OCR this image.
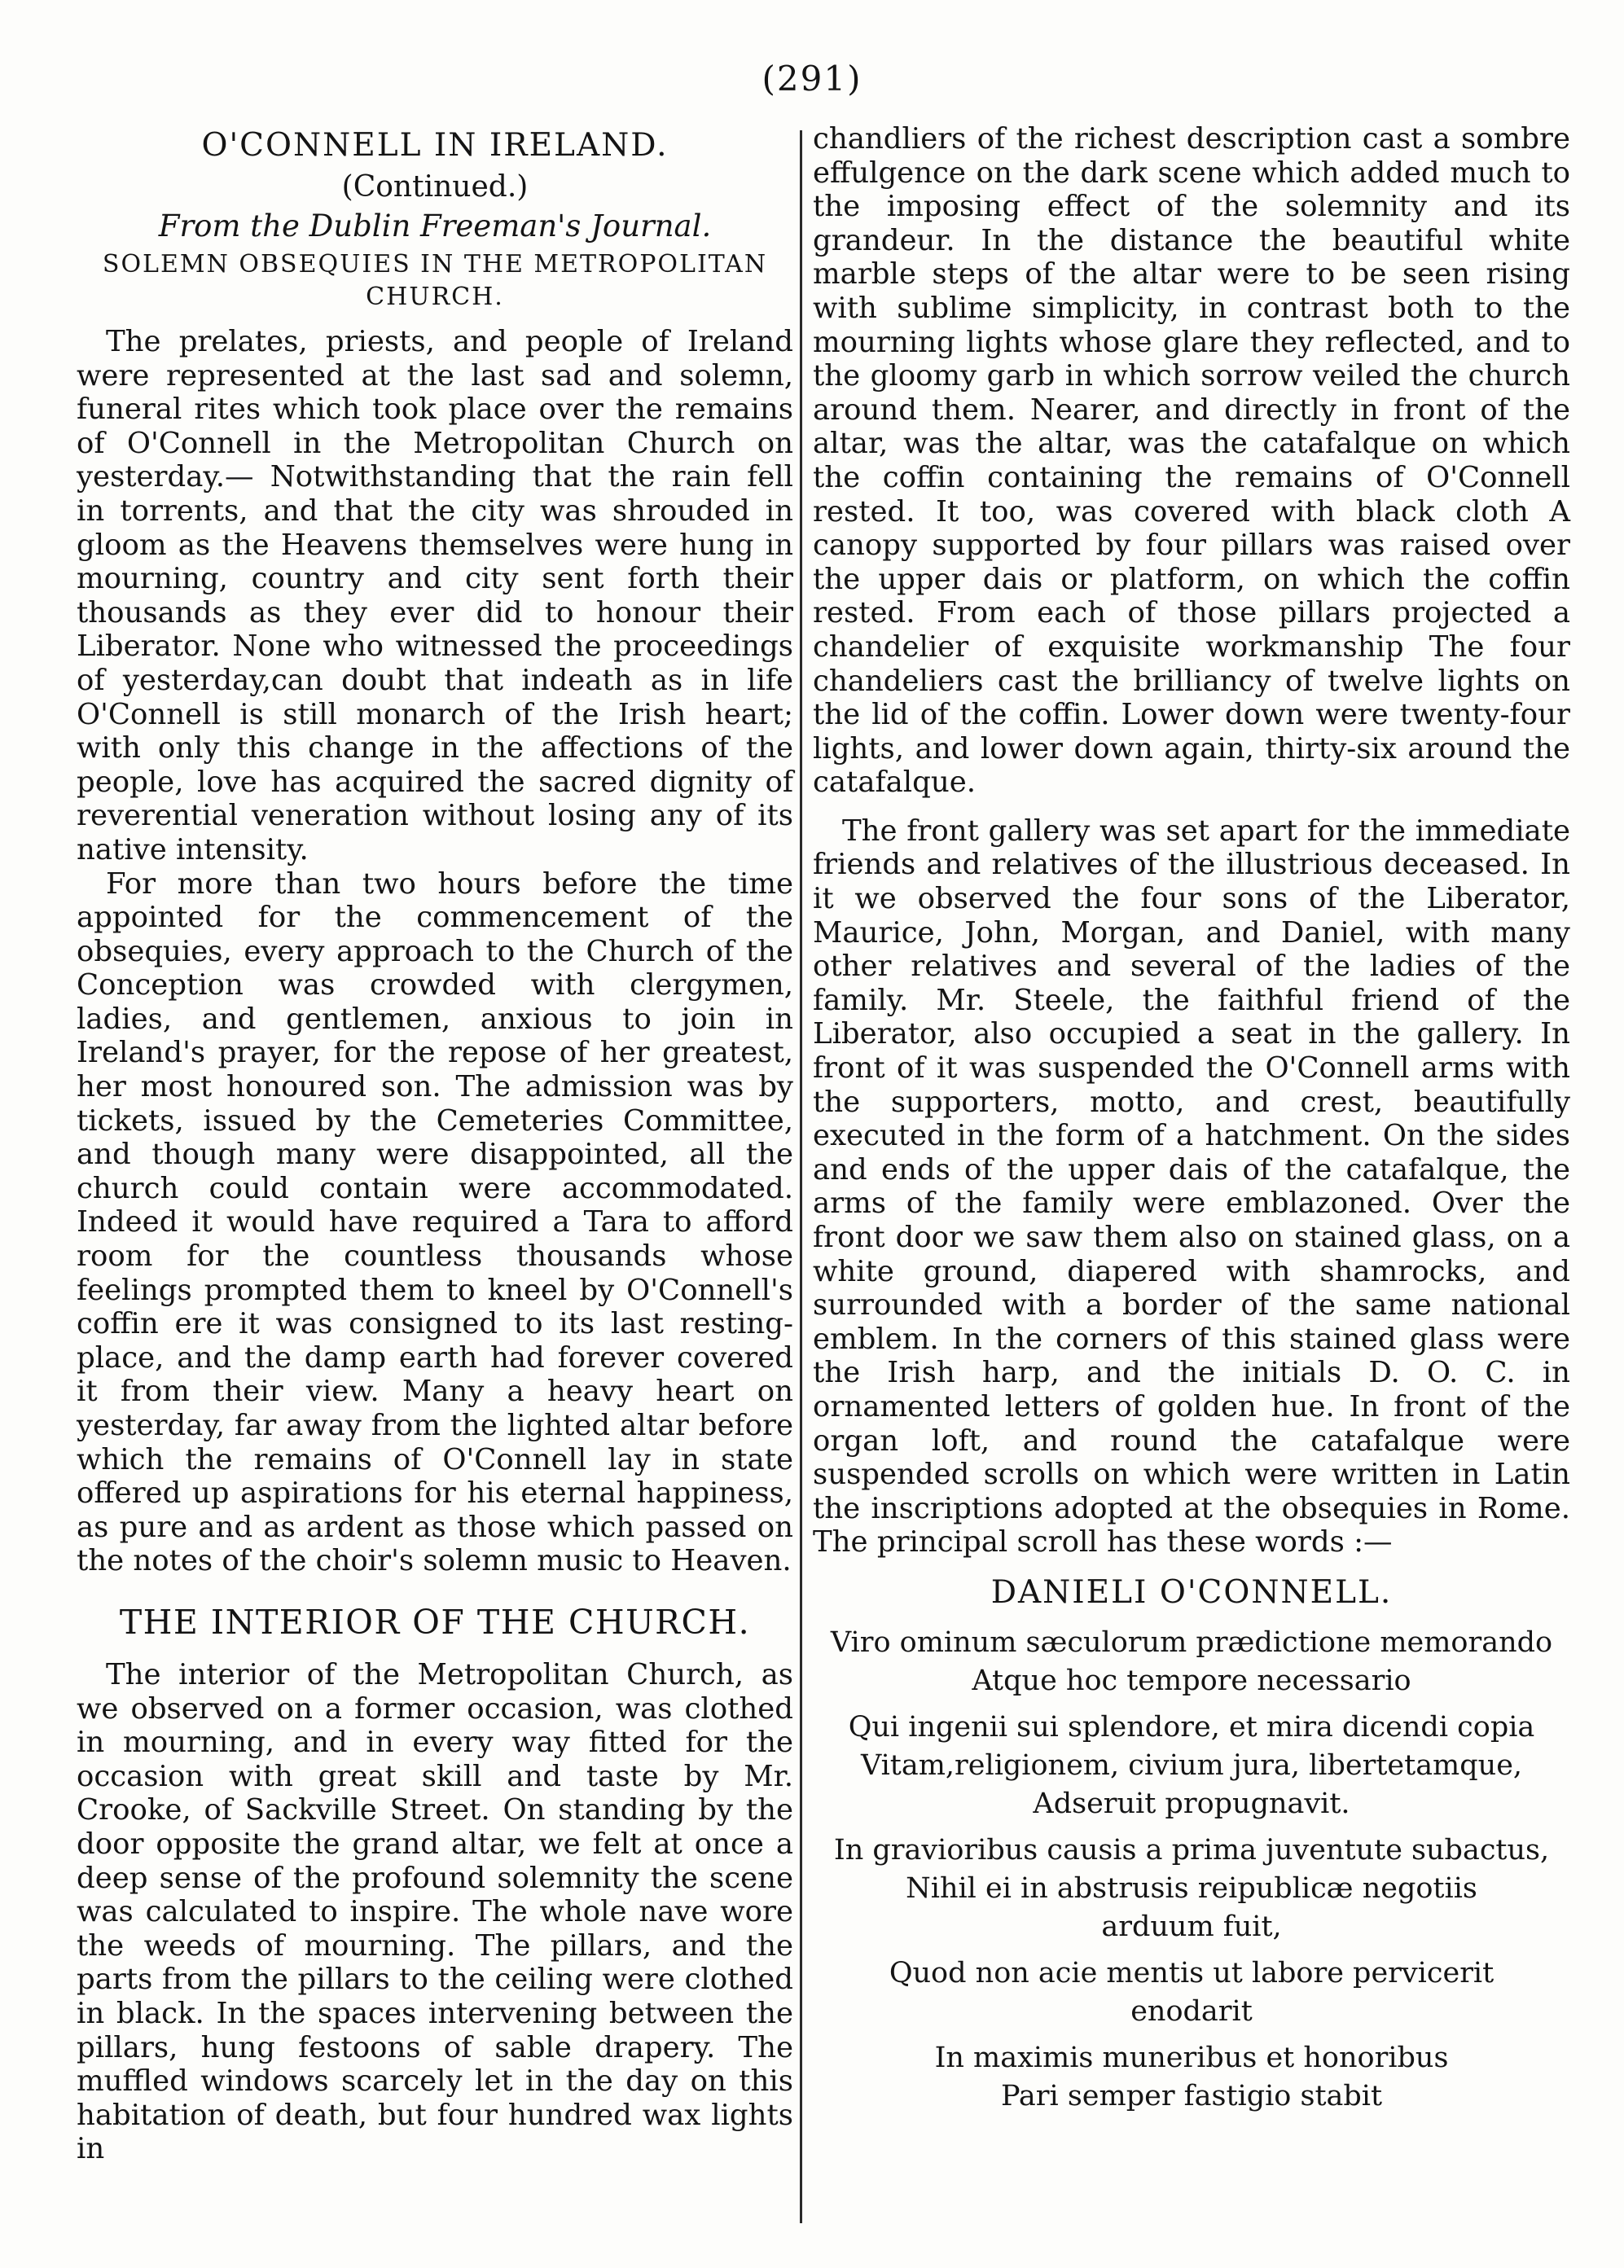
(291)
O'CONNELL IN IRELAND.
(Continued.)
From the Dublin Freeman's Journal.
SOLEMN OBSEQUIES IN THE METROPOLITAN CHURCH.

The prelates, priests, and people of Ireland were represented at the last sad and solemn, funeral rites which took place over the remains of O'Connell in the Metropolitan Church on yesterday.— Notwithstanding that the rain fell in torrents, and that the city was shrouded in gloom as the Heavens themselves were hung in mourning, country and city sent forth their thousands as they ever did to honour their Liberator. None who witnessed the proceedings of yesterday,can doubt that indeath as in life O'Connell is still monarch of the Irish heart; with only this change in the affections of the people, love has acquired the sacred dignity of reverential veneration without losing any of its native intensity.

For more than two hours before the time appointed for the commencement of the obsequies, every approach to the Church of the Conception was crowded with clergymen, ladies, and gentlemen, anxious to join in Ireland's prayer, for the repose of her greatest, her most honoured son. The admission was by tickets, issued by the Cemeteries Committee, and though many were disappointed, all the church could contain were accommodated. Indeed it would have required a Tara to afford room for the countless thousands whose feelings prompted them to kneel by O'Connell's coffin ere it was consigned to its last resting-place, and the damp earth had forever covered it from their view. Many a heavy heart on yesterday, far away from the lighted altar before which the remains of O'Connell lay in state offered up aspirations for his eternal happiness, as pure and as ardent as those which passed on the notes of the choir's solemn music to Heaven.

THE INTERIOR OF THE CHURCH.

The interior of the Metropolitan Church, as we observed on a former occasion, was clothed in mourning, and in every way fitted for the occasion with great skill and taste by Mr. Crooke, of Sackville Street. On standing by the door opposite the grand altar, we felt at once a deep sense of the profound solemnity the scene was calculated to inspire. The whole nave wore the weeds of mourning. The pillars, and the parts from the pillars to the ceiling were clothed in black. In the spaces intervening between the pillars, hung festoons of sable drapery. The muffled windows scarcely let in the day on this habitation of death, but four hundred wax lights in

chandliers of the richest description cast a sombre effulgence on the dark scene which added much to the imposing effect of the solemnity and its grandeur. In the distance the beautiful white marble steps of the altar were to be seen rising with sublime simplicity, in contrast both to the mourning lights whose glare they reflected, and to the gloomy garb in which sorrow veiled the church around them. Nearer, and directly in front of the altar, was the altar, was the catafalque on which the coffin containing the remains of O'Connell rested. It too, was covered with black cloth A canopy supported by four pillars was raised over the upper dais or platform, on which the coffin rested. From each of those pillars projected a chandelier of exquisite workmanship The four chandeliers cast the brilliancy of twelve lights on the lid of the coffin. Lower down were twenty-four lights, and lower down again, thirty-six around the catafalque.

The front gallery was set apart for the immediate friends and relatives of the illustrious deceased. In it we observed the four sons of the Liberator, Maurice, John, Morgan, and Daniel, with many other relatives and several of the ladies of the family. Mr. Steele, the faithful friend of the Liberator, also occupied a seat in the gallery. In front of it was suspended the O'Connell arms with the supporters, motto, and crest, beautifully executed in the form of a hatchment. On the sides and ends of the upper dais of the catafalque, the arms of the family were emblazoned. Over the front door we saw them also on stained glass, on a white ground, diapered with shamrocks, and surrounded with a border of the same national emblem. In the corners of this stained glass were the Irish harp, and the initials D. O. C. in ornamented letters of golden hue. In front of the organ loft, and round the catafalque were suspended scrolls on which were written in Latin the inscriptions adopted at the obsequies in Rome. The principal scroll has these words :—

DANIELI O'CONNELL.

Viro ominum sæculorum prædictione memorando

Atque hoc tempore necessario

Qui ingenii sui splendore, et mira dicendi copia

Vitam,religionem, civium jura, libertetamque,

Adseruit propugnavit.

In gravioribus causis a prima juventute subactus,

Nihil ei in abstrusis reipublicæ negotiis

arduum fuit,

Quod non acie mentis ut labore pervicerit

enodarit

In maximis muneribus et honoribus

Pari semper fastigio stabit
